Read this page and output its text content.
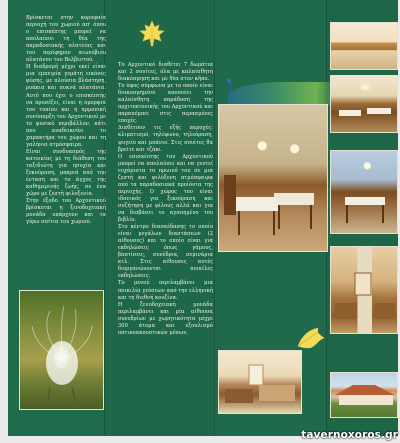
Βρίσκεται στην κορυφαία περιοχή του χωριού απ' όπου ο επισκέπτης μπορεί να απολαύσει τη θέα της παραδοσιακής πλατείας και του περίφημου αιωνόβιου πλατάνου του Βελβεντού.

Η διαδρομή μέχρι εκεί είναι μια εμπειρία γεμάτη εικόνες φύσης, με πλούσια βλάστηση, ρυάκια και πυκνά πλατάνια. Αυτό που έχει ο επισκέπτης να προσέξει, είναι η ομορφιά του τοπίου και η αρμονική συνύπαρξη του Αρχοντικού με το φυσικό περιβάλλον, κάτι που αναδεικνύει το χαρακτήρα του χώρου και τη γαλήνια ατμόσφαιρα.

Είναι συνδυασμός της κατοικίας με τη διάθεση του ταξιδιώτη για ησυχία και ξεκούραση, μακριά από την ένταση και το άγχος της καθημερινής ζωής, σε ένα χώρο με ζεστή φιλοξενία.

Στην έξοδο του Αρχοντικού βρίσκεται η ξενοδοχειακή μονάδα υπάρχουν και τα γύρω σπίτια του χωριού.

Το Αρχοντικό διαθέτει 7 δωμάτια και 2 σουίτες, όλα με καλαίσθητη διακόσμηση και με θέα στον κήπο.

Το ύφος σύμφωνα με το οποίο είναι διακοσμημένο αποπνέει την καλαίσθητη παράδοση της αρχιτεκτονικής του Αρχοντικού και παραπέμπει στις περασμένες εποχές.

Διαθέτουν τις εξής παροχές: κλιματισμό, τηλέφωνο, τηλεόραση, ψυγείο και μπάνιο. Στις σουίτες θα βρείτε και τζάκι.

Ο επισκέπτης του Αρχοντικού μπορεί να απολαύσει και να γευτεί ευχάριστα το πρωινό του σε μια ζεστή και φιλόξενη ατμόσφαιρα από τα παραδοσιακά προϊόντα της περιοχής. Ο χώρος του είναι ιδανικός για ξεκούραση και συζήτηση με φίλους αλλά και για να διαβάσει το αγαπημένο του βιβλίο.

Στο κέντρο διασκέδασης το οποίο είναι μεγάλων διαστάσεων (2 αίθουσες) και το οποίο είναι για εκδηλώσεις όπως γάμους, βαπτίσεις, συνέδρια, σεμινάρια κτλ. Στις αίθουσες αυτές διοργανώνονται ποικίλες εκδηλώσεις.

Το μενού περιλαμβάνει μια ποικιλία γεύσεων από την ελληνική και τη διεθνή κουζίνα.

Η ξενοδοχειακή μονάδα περιλαμβάνει και μία αίθουσα συνεδρίων με χωρητικότητα μέχρι 300 άτομα και εξοπλισμό οπτικοακουστικών μέσων.

tavernoxoros.gr
